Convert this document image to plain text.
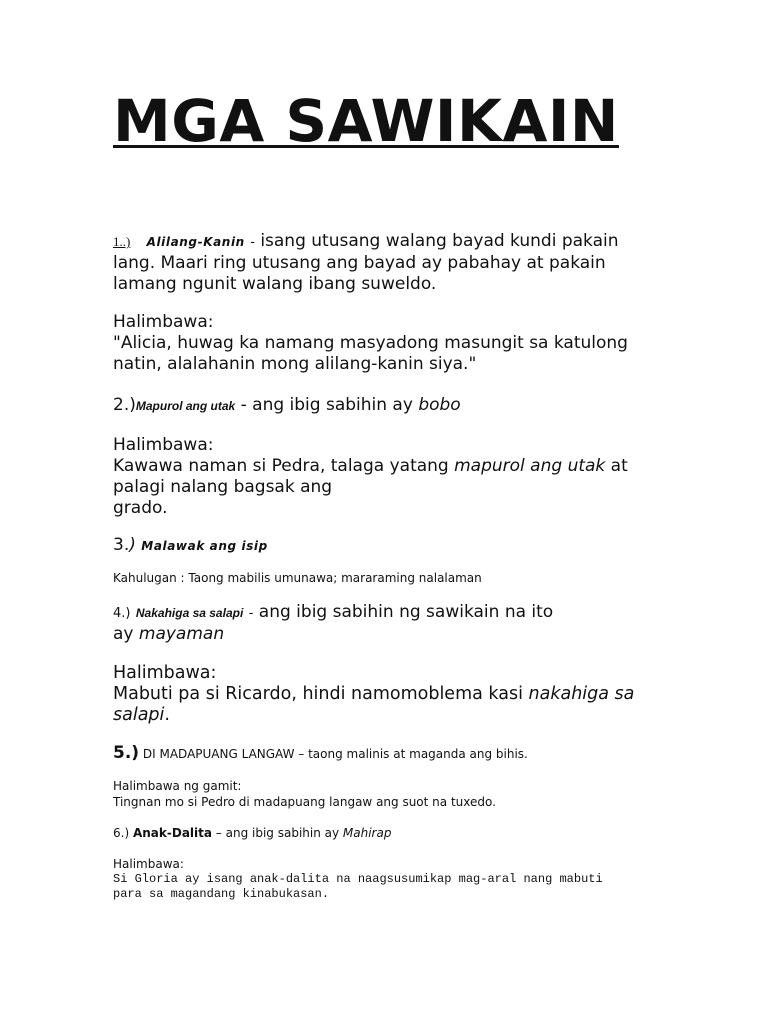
MGA SAWIKAIN
1..) Alilang-Kanin - isang utusang walang bayad kundi pakain
lang. Maari ring utusang ang bayad ay pabahay at pakain
lamang ngunit walang ibang suweldo.
Halimbawa:
"Alicia, huwag ka namang masyadong masungit sa katulong
natin, alalahanin mong alilang-kanin siya."
2.)Mapurol ang utak - ang ibig sabihin ay bobo
Halimbawa:
Kawawa naman si Pedra, talaga yatang mapurol ang utak at
palagi nalang bagsak ang
grado.
3.) Malawak ang isip
Kahulugan : Taong mabilis umunawa; mararaming nalalaman
4.) Nakahiga sa salapi - ang ibig sabihin ng sawikain na ito
ay mayaman
Halimbawa:
Mabuti pa si Ricardo, hindi namomoblema kasi nakahiga sa
salapi.
5.) DI MADAPUANG LANGAW – taong malinis at maganda ang bihis.
Halimbawa ng gamit:
Tingnan mo si Pedro di madapuang langaw ang suot na tuxedo.
6.) Anak-Dalita – ang ibig sabihin ay Mahirap
Halimbawa:
Si Gloria ay isang anak-dalita na naagsusumikap mag-aral nang mabuti
para sa magandang kinabukasan.
